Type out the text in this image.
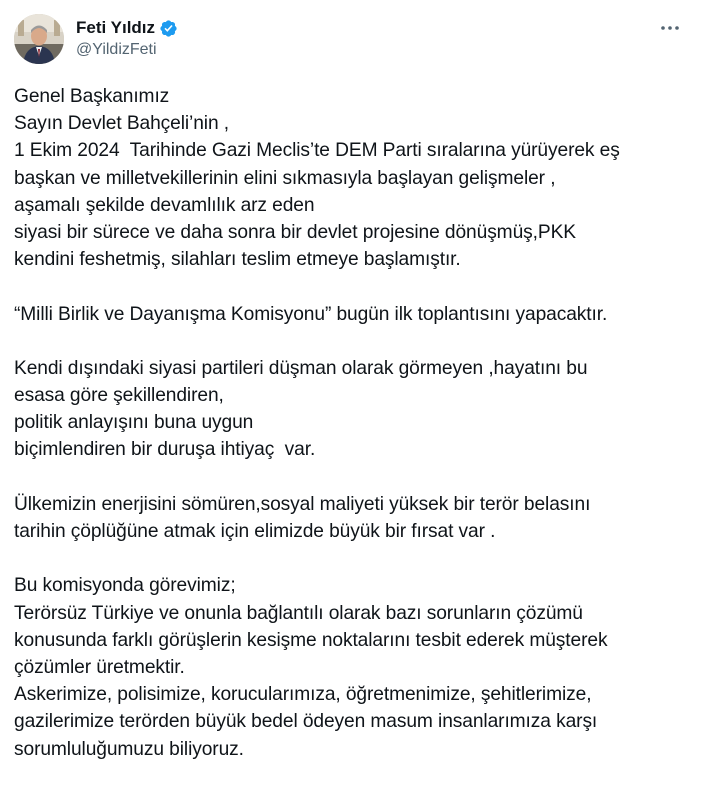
Feti Yıldız
@YildizFeti
Genel Başkanımız
Sayın Devlet Bahçeli’nin ,
1 Ekim 2024  Tarihinde Gazi Meclis’te DEM Parti sıralarına yürüyerek eş
başkan ve milletvekillerinin elini sıkmasıyla başlayan gelişmeler ,
aşamalı şekilde devamlılık arz eden
siyasi bir sürece ve daha sonra bir devlet projesine dönüşmüş,PKK
kendini feshetmiş, silahları teslim etmeye başlamıştır.
“Milli Birlik ve Dayanışma Komisyonu” bugün ilk toplantısını yapacaktır.
Kendi dışındaki siyasi partileri düşman olarak görmeyen ,hayatını bu
esasa göre şekillendiren,
politik anlayışını buna uygun
biçimlendiren bir duruşa ihtiyaç  var.
Ülkemizin enerjisini sömüren,sosyal maliyeti yüksek bir terör belasını
tarihin çöplüğüne atmak için elimizde büyük bir fırsat var .
Bu komisyonda görevimiz;
Terörsüz Türkiye ve onunla bağlantılı olarak bazı sorunların çözümü
konusunda farklı görüşlerin kesişme noktalarını tesbit ederek müşterek
çözümler üretmektir.
Askerimize, polisimize, korucularımıza, öğretmenimize, şehitlerimize,
gazilerimize terörden büyük bedel ödeyen masum insanlarımıza karşı
sorumluluğumuzu biliyoruz.
